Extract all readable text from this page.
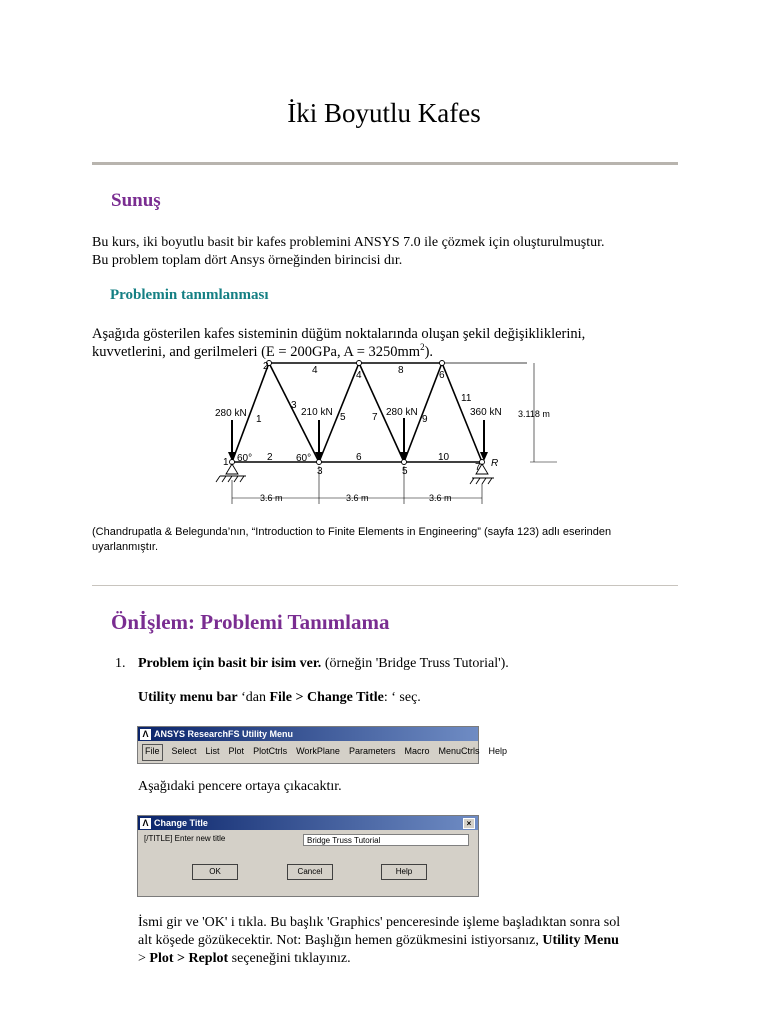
İki Boyutlu Kafes
Sunuş

Bu kurs, iki boyutlu basit bir kafes problemini ANSYS 7.0 ile çözmek için oluşturulmuştur.
Bu problem toplam dört Ansys örneğinden birincisi dır.

Problemin tanımlanması

Aşağıda gösterilen kafes sisteminin düğüm noktalarında oluşan şekil değişikliklerini,
kuvvetlerini, and gerilmeleri (E = 200GPa, $A = 3250mm^2$).

1
2
3
4
5
6
7
1
2
3
4
5
6
7
8
9
10
11
280 kN	210 kN	280 kN	360 kN
60°	60°	R
3.118 m
3.6 m	3.6 m	3.6 m

(Chandrupatla & Belegunda’nın, “Introduction to Finite Elements in Engineering” (sayfa 123) adlı eserinden uyarlanmıştır.

Önİşlem: Problemi Tanımlama

1. Problem için basit bir isim ver. (örneğin 'Bridge Truss Tutorial').

Utility menu bar ‘dan File > Change Title: ‘ seç.

Λ ANSYS ResearchFS Utility Menu
File	Select List Plot PlotCtrls WorkPlane Parameters Macro MenuCtrls Help

Aşağıdaki pencere ortaya çıkacaktır.

Λ Change Title	×
[/TITLE] Enter new title	Bridge Truss Tutorial
OK	Cancel	Help

İsmi gir ve 'OK' i tıkla. Bu başlık 'Graphics' penceresinde işleme başladıktan sonra sol
alt köşede gözükecektir. Not: Başlığın hemen gözükmesini istiyorsanız, Utility Menu
> Plot > Replot seçeneğini tıklayınız.
